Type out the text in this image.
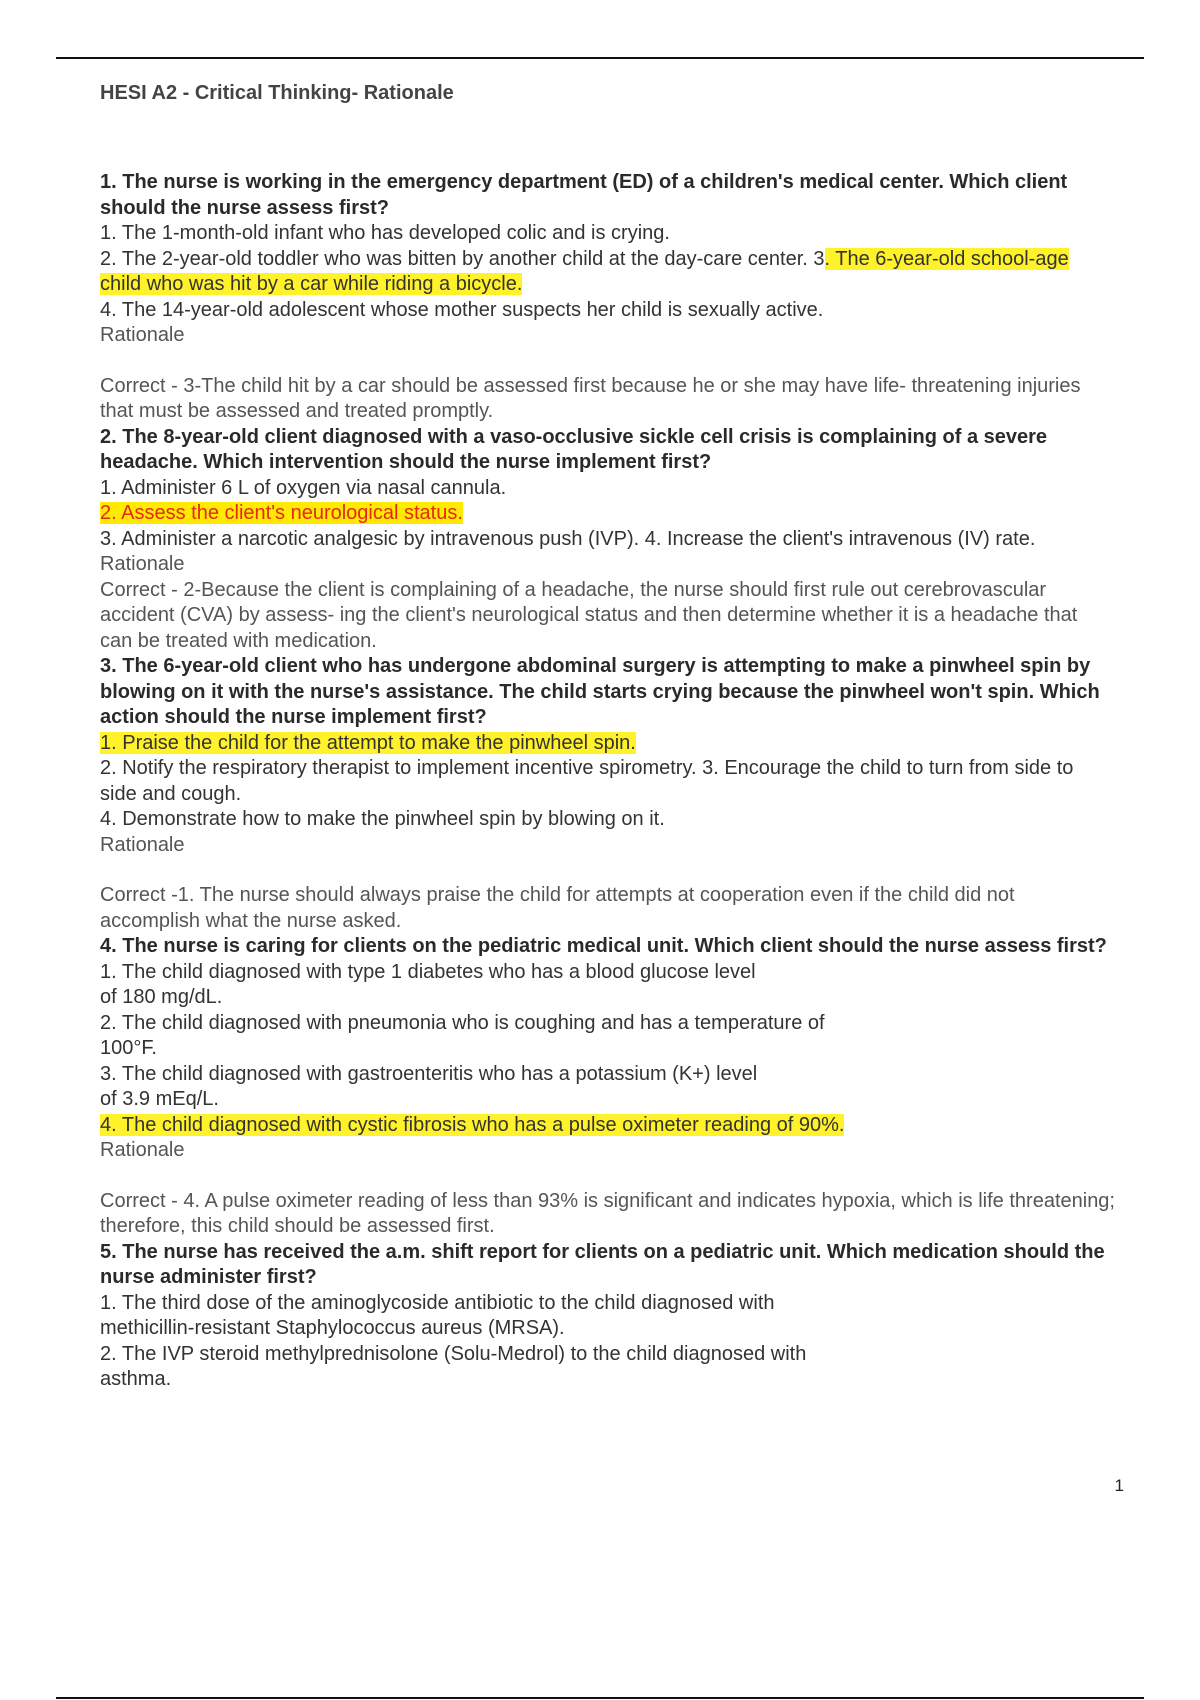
HESI A2 - Critical Thinking- Rationale

1. The nurse is working in the emergency department (ED) of a children's medical center. Which client should the nurse assess first?

1. The 1-month-old infant who has developed colic and is crying.

2. The 2-year-old toddler who was bitten by another child at the day-care center. 3. The 6-year-old school-age child who was hit by a car while riding a bicycle.

4. The 14-year-old adolescent whose mother suspects her child is sexually active.

Rationale

Correct - 3-The child hit by a car should be assessed first because he or she may have life- threatening injuries that must be assessed and treated promptly.

2. The 8-year-old client diagnosed with a vaso-occlusive sickle cell crisis is complaining of a severe headache. Which intervention should the nurse implement first?

1. Administer 6 L of oxygen via nasal cannula.

2. Assess the client's neurological status.

3. Administer a narcotic analgesic by intravenous push (IVP). 4. Increase the client's intravenous (IV) rate.

Rationale

Correct - 2-Because the client is complaining of a headache, the nurse should first rule out cerebrovascular accident (CVA) by assess- ing the client's neurological status and then determine whether it is a headache that can be treated with medication.

3. The 6-year-old client who has undergone abdominal surgery is attempting to make a pinwheel spin by blowing on it with the nurse's assistance. The child starts crying because the pinwheel won't spin. Which action should the nurse implement first?

1. Praise the child for the attempt to make the pinwheel spin.

2. Notify the respiratory therapist to implement incentive spirometry. 3. Encourage the child to turn from side to side and cough.

4. Demonstrate how to make the pinwheel spin by blowing on it.

Rationale

Correct -1. The nurse should always praise the child for attempts at cooperation even if the child did not accomplish what the nurse asked.

4. The nurse is caring for clients on the pediatric medical unit. Which client should the nurse assess first?

1. The child diagnosed with type 1 diabetes who has a blood glucose level

of 180 mg/dL.

2. The child diagnosed with pneumonia who is coughing and has a temperature of

100°F.

3. The child diagnosed with gastroenteritis who has a potassium (K+) level

of 3.9 mEq/L.

4. The child diagnosed with cystic fibrosis who has a pulse oximeter reading of 90%.

Rationale

Correct - 4. A pulse oximeter reading of less than 93% is significant and indicates hypoxia, which is life threatening; therefore, this child should be assessed first.

5. The nurse has received the a.m. shift report for clients on a pediatric unit. Which medication should the nurse administer first?

1. The third dose of the aminoglycoside antibiotic to the child diagnosed with

methicillin-resistant Staphylococcus aureus (MRSA).

2. The IVP steroid methylprednisolone (Solu-Medrol) to the child diagnosed with

asthma.

1
